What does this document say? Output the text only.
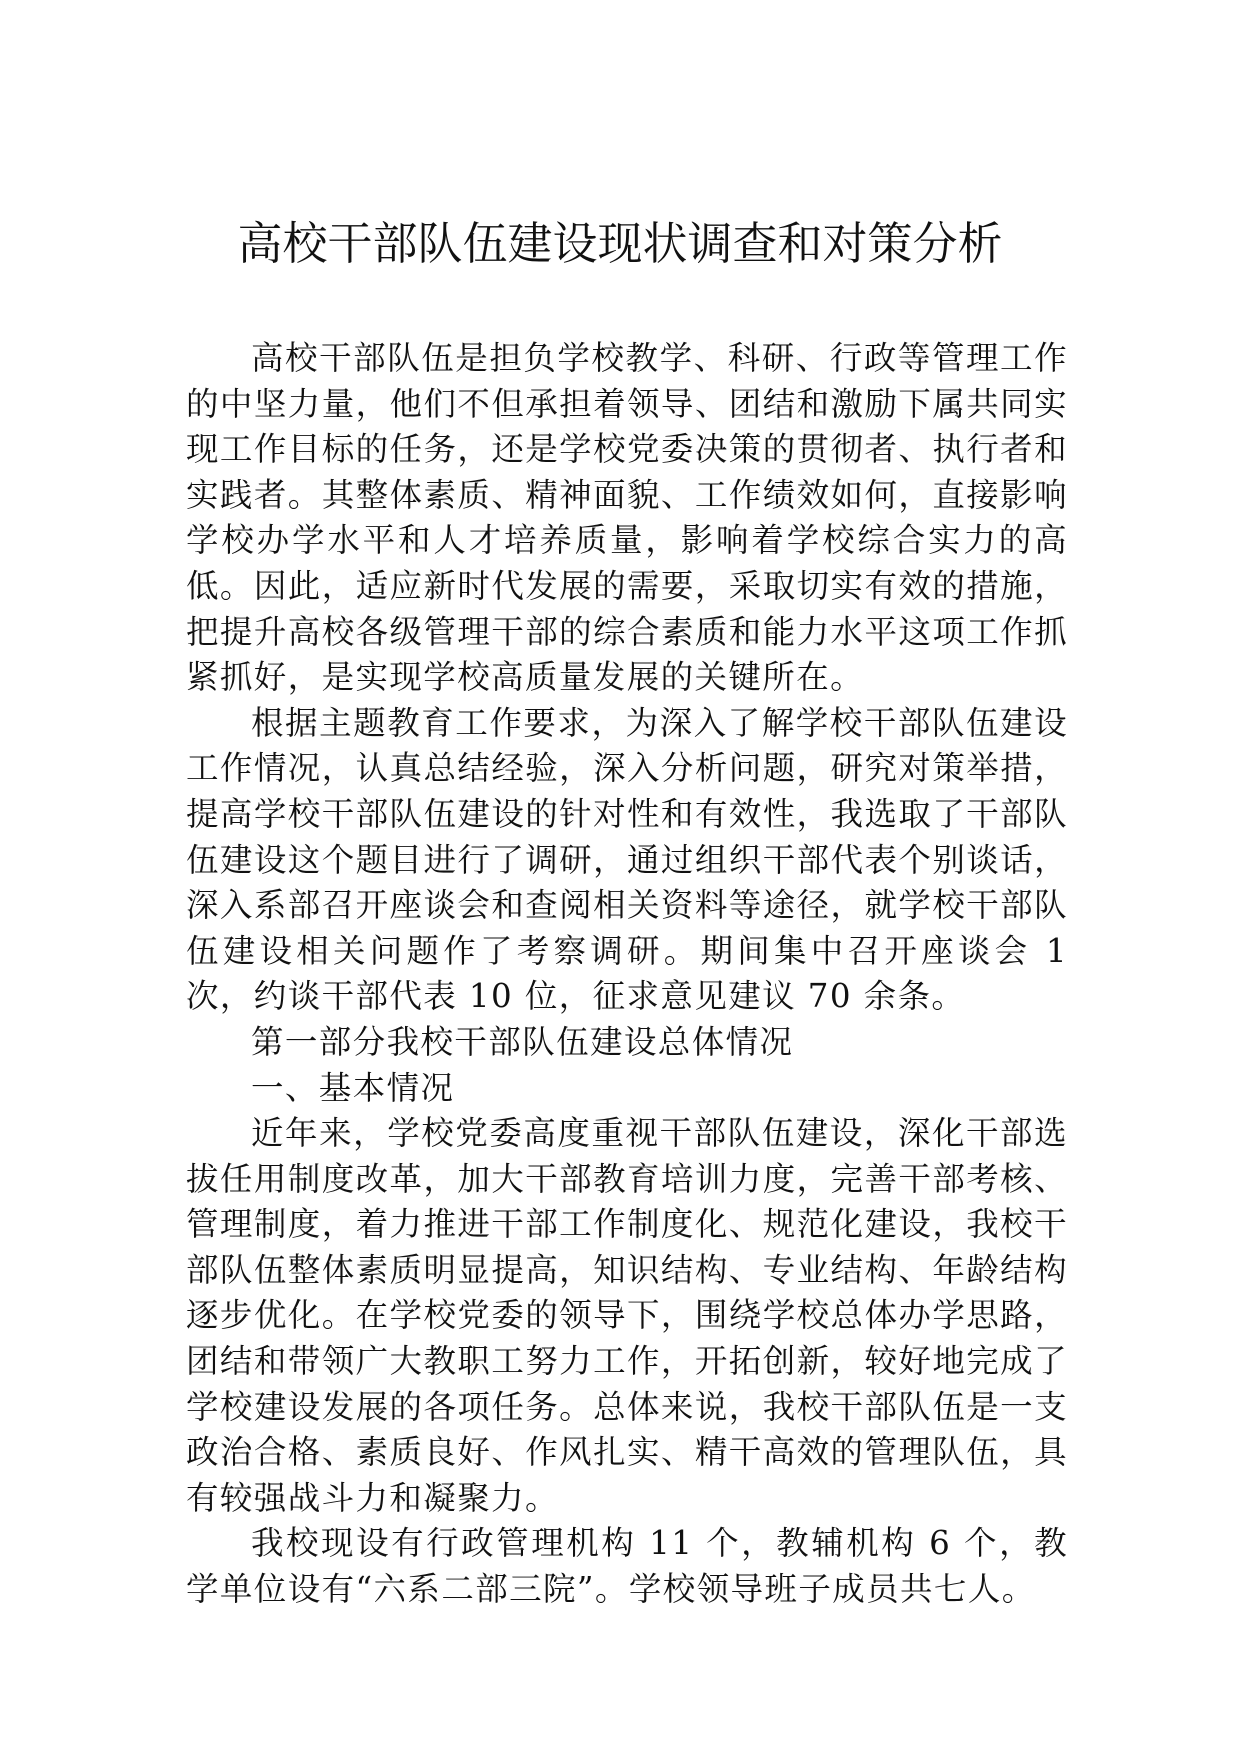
高校干部队伍建设现状调查和对策分析

高校干部队伍是担负学校教学、科研、行政等管理工作的中坚力量，他们不但承担着领导、团结和激励下属共同实现工作目标的任务，还是学校党委决策的贯彻者、执行者和实践者。其整体素质、精神面貌、工作绩效如何，直接影响学校办学水平和人才培养质量，影响着学校综合实力的高低。因此，适应新时代发展的需要，采取切实有效的措施，把提升高校各级管理干部的综合素质和能力水平这项工作抓紧抓好，是实现学校高质量发展的关键所在。

根据主题教育工作要求，为深入了解学校干部队伍建设工作情况，认真总结经验，深入分析问题，研究对策举措，提高学校干部队伍建设的针对性和有效性，我选取了干部队伍建设这个题目进行了调研，通过组织干部代表个别谈话，深入系部召开座谈会和查阅相关资料等途径，就学校干部队伍建设相关问题作了考察调研。期间集中召开座谈会 1 次，约谈干部代表 10 位，征求意见建议 70 余条。

第一部分我校干部队伍建设总体情况

一、基本情况

近年来，学校党委高度重视干部队伍建设，深化干部选拔任用制度改革，加大干部教育培训力度，完善干部考核、管理制度，着力推进干部工作制度化、规范化建设，我校干部队伍整体素质明显提高，知识结构、专业结构、年龄结构逐步优化。在学校党委的领导下，围绕学校总体办学思路，团结和带领广大教职工努力工作，开拓创新，较好地完成了学校建设发展的各项任务。总体来说，我校干部队伍是一支政治合格、素质良好、作风扎实、精干高效的管理队伍，具有较强战斗力和凝聚力。

我校现设有行政管理机构 11 个，教辅机构 6 个，教学单位设有“六系二部三院”。学校领导班子成员共七人。
